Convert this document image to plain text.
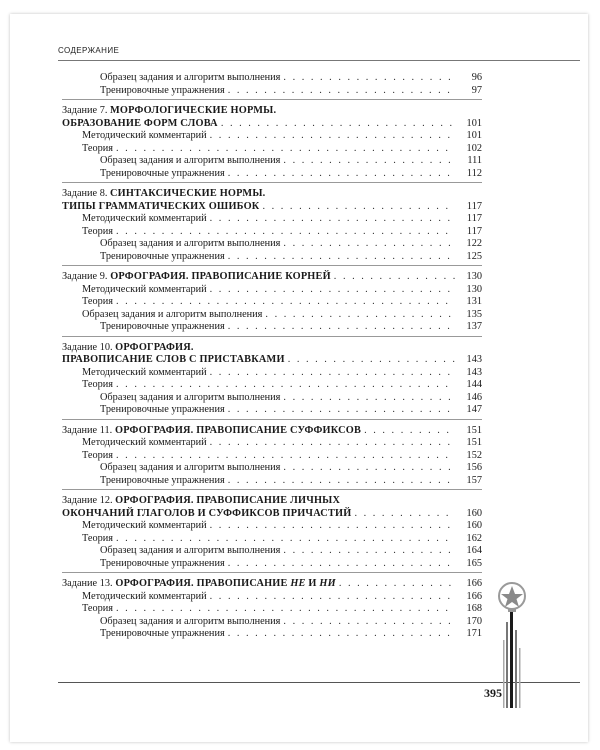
СОДЕРЖАНИЕ
Образец задания и алгоритм выполнения . . .	96
Тренировочные упражнения . . .	97
Задание 7. МОРФОЛОГИЧЕСКИЕ НОРМЫ.
ОБРАЗОВАНИЕ ФОРМ СЛОВА . . .	101
Методический комментарий . . .	101
Теория . . .	102
Образец задания и алгоритм выполнения . . .	111
Тренировочные упражнения . . .	112
Задание 8. СИНТАКСИЧЕСКИЕ НОРМЫ.
ТИПЫ ГРАММАТИЧЕСКИХ ОШИБОК . . .	117
Методический комментарий . . .	117
Теория . . .	117
Образец задания и алгоритм выполнения . . .	122
Тренировочные упражнения . . .	125
Задание 9. ОРФОГРАФИЯ. ПРАВОПИСАНИЕ КОРНЕЙ . . .	130
Методический комментарий . . .	130
Теория . . .	131
Образец задания и алгоритм выполнения . . .	135
Тренировочные упражнения . . .	137
Задание 10. ОРФОГРАФИЯ.
ПРАВОПИСАНИЕ СЛОВ С ПРИСТАВКАМИ . . .	143
Методический комментарий . . .	143
Теория . . .	144
Образец задания и алгоритм выполнения . . .	146
Тренировочные упражнения . . .	147
Задание 11. ОРФОГРАФИЯ. ПРАВОПИСАНИЕ СУФФИКСОВ . . .	151
Методический комментарий . . .	151
Теория . . .	152
Образец задания и алгоритм выполнения . . .	156
Тренировочные упражнения . . .	157
Задание 12. ОРФОГРАФИЯ. ПРАВОПИСАНИЕ ЛИЧНЫХ
ОКОНЧАНИЙ ГЛАГОЛОВ И СУФФИКСОВ ПРИЧАСТИЙ . . .	160
Методический комментарий . . .	160
Теория . . .	162
Образец задания и алгоритм выполнения . . .	164
Тренировочные упражнения . . .	165
Задание 13. ОРФОГРАФИЯ. ПРАВОПИСАНИЕ НЕ И НИ . . .	166
Методический комментарий . . .	166
Теория . . .	168
Образец задания и алгоритм выполнения . . .	170
Тренировочные упражнения . . .	171
395
